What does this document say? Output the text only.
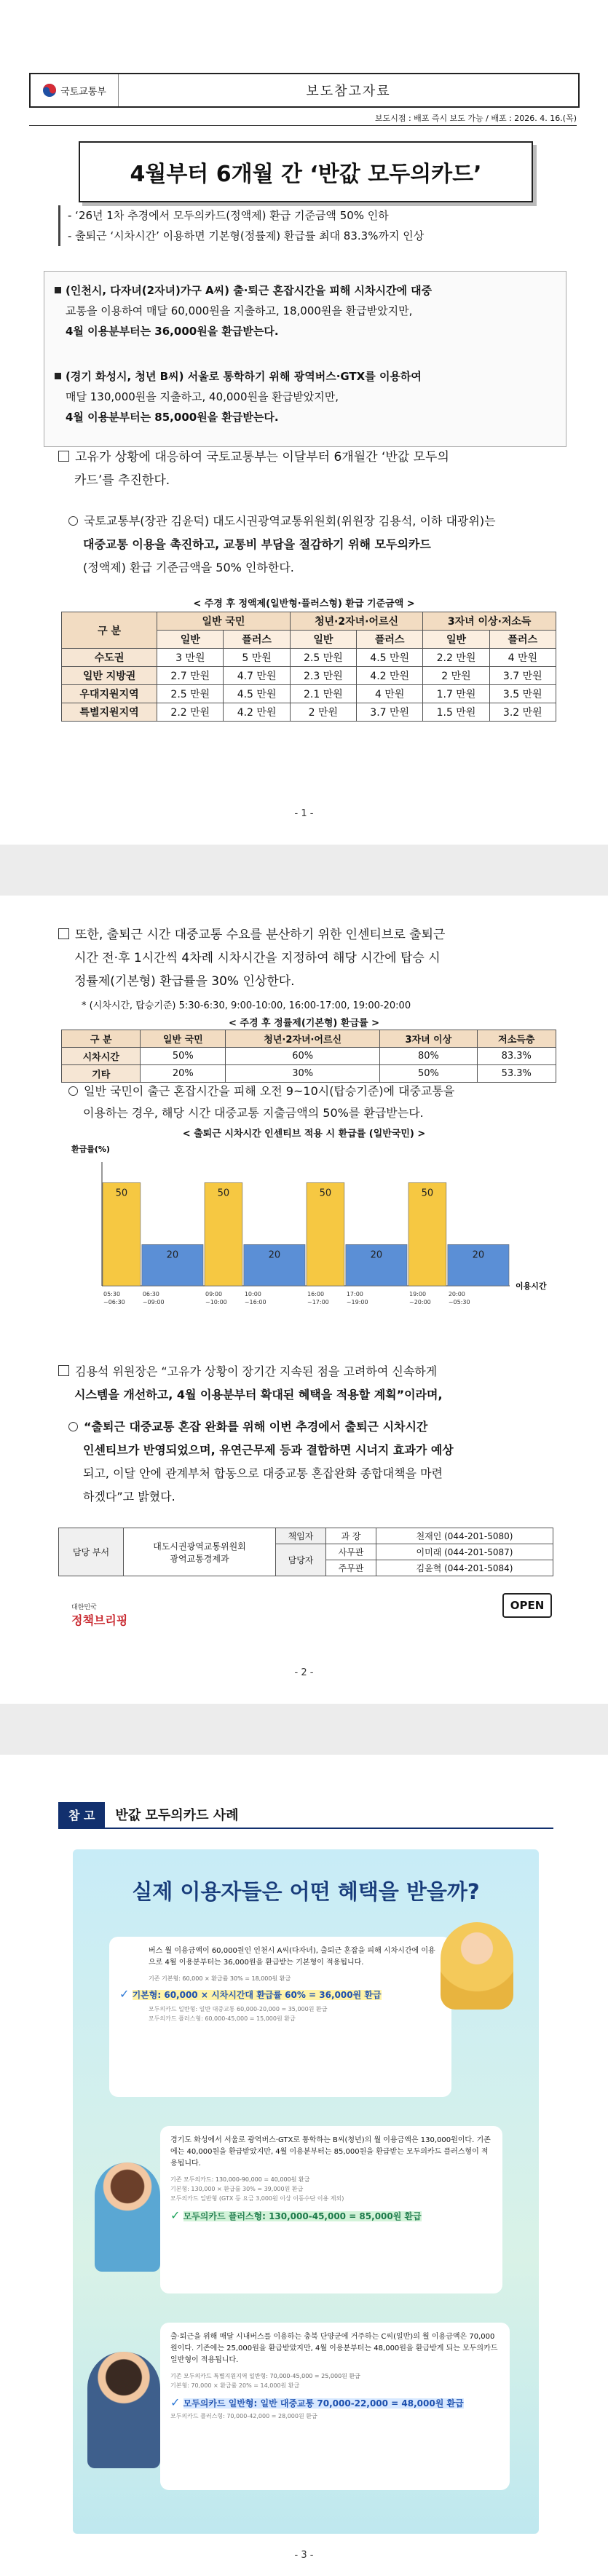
국토교통부	보도참고자료
보도시점 : 배포 즉시 보도 가능 / 배포 : 2026. 4. 16.(목)
4월부터 6개월 간 ‘반값 모두의카드’
- ‘26년 1차 추경에서 모두의카드(정액제) 환급 기준금액 50% 인하
- 출퇴근 ‘시차시간’ 이용하면 기본형(정률제) 환급률 최대 83.3%까지 인상
(인천시, 다자녀(2자녀)가구 A씨) 출·퇴근 혼잡시간을 피해 시차시간에 대중
교통을 이용하여 매달 60,000원을 지출하고, 18,000원을 환급받았지만,
4월 이용분부터는 36,000원을 환급받는다.
(경기 화성시, 청년 B씨) 서울로 통학하기 위해 광역버스·GTX를 이용하여
매달 130,000원을 지출하고, 40,000원을 환급받았지만,
4월 이용분부터는 85,000원을 환급받는다.
고유가 상황에 대응하여 국토교통부는 이달부터 6개월간 ‘반값 모두의
카드’를 추진한다.
국토교통부(장관 김윤덕) 대도시권광역교통위원회(위원장 김용석, 이하 대광위)는
대중교통 이용을 촉진하고, 교통비 부담을 절감하기 위해 모두의카드
(정액제) 환급 기준금액을 50% 인하한다.
< 주경 후 정액제(일반형·플러스형) 환급 기준금액 >
구 분	일반 국민		청년·2자녀·어르신		3자녀 이상·저소득	
	일반	플러스	일반	플러스	일반	플러스
수도권	3 만원	5 만원	2.5 만원	4.5 만원	2.2 만원	4 만원
일반 지방권	2.7 만원	4.7 만원	2.3 만원	4.2 만원	2 만원	3.7 만원
우대지원지역	2.5 만원	4.5 만원	2.1 만원	4 만원	1.7 만원	3.5 만원
특별지원지역	2.2 만원	4.2 만원	2 만원	3.7 만원	1.5 만원	3.2 만원
- 1 -
또한, 출퇴근 시간 대중교통 수요를 분산하기 위한 인센티브로 출퇴근
시간 전·후 1시간씩 4차례 시차시간을 지정하여 해당 시간에 탑승 시
정률제(기본형) 환급률을 30% 인상한다.
* (시차시간, 탑승기준) 5:30-6:30, 9:00-10:00, 16:00-17:00, 19:00-20:00
< 주경 후 정률제(기본형) 환급률 >
구 분	일반 국민	청년·2자녀·어르신	3자녀 이상	저소득층
시차시간	50%	60%	80%	83.3%
기타	20%	30%	50%	53.3%
일반 국민이 출근 혼잡시간을 피해 오전 9~10시(탑승기준)에 대중교통을
이용하는 경우, 해당 시간 대중교통 지출금액의 50%를 환급받는다.
< 출퇴근 시차시간 인센티브 적용 시 환급률 (일반국민) >
환급률(%)
이용시간
50
05:30
~06:30
20
06:30
~09:00
50
09:00
~10:00
20
10:00
~16:00
50
16:00
~17:00
20
17:00
~19:00
50
19:00
~20:00
20
20:00
~05:30
김용석 위원장은 “고유가 상황이 장기간 지속된 점을 고려하여 신속하게
시스템을 개선하고, 4월 이용분부터 확대된 혜택을 적용할 계획”이라며,
“출퇴근 대중교통 혼잡 완화를 위해 이번 추경에서 출퇴근 시차시간
인센티브가 반영되었으며, 유연근무제 등과 결합하면 시너지 효과가 예상
되고, 이달 안에 관계부처 합동으로 대중교통 혼잡완화 종합대책을 마련
하겠다”고 밝혔다.
담당 부서	대도시권광역교통위원회
광역교통경제과	책임자	과 장	천재인 (044-201-5080)
		담당자	사무관	이미래 (044-201-5087)
			주무관	김윤혁 (044-201-5084)
OPEN
대한민국
정책브리핑
- 2 -
참 고	반값 모두의카드 사례
실제 이용자들은 어떤 혜택을 받을까?
버스 월 이용금액이 60,000원인 인천시 A씨(다자녀), 출퇴근 혼잡을 피해 시차시간에 이용으로 4월 이용분부터는 36,000원을 환급받는 기본형이 적용됩니다.
기존 기본형: 60,000 × 환급률 30% = 18,000원 환급
✓ 기본형: 60,000 × 시차시간대 환급률 60% = 36,000원 환급
모두의카드 일반형: 일반 대중교통 60,000-20,000 = 35,000원 환급
모두의카드 플러스형: 60,000-45,000 = 15,000원 환급
경기도 화성에서 서울로 광역버스·GTX로 통학하는 B씨(청년)의 월 이용금액은 130,000원이다. 기존에는 40,000원을 환급받았지만, 4월 이용분부터는 85,000원을 환급받는 모두의카드 플러스형이 적용됩니다.
기존 모두의카드: 130,000-90,000 = 40,000원 환급
기본형: 130,000 × 환급률 30% = 39,000원 환급
모두의카드 일반형 (GTX 등 요금 3,000원 이상 이동수단 이용 제외)
✓ 모두의카드 플러스형: 130,000-45,000 = 85,000원 환급
출·퇴근을 위해 매달 시내버스를 이용하는 충북 단양군에 거주하는 C씨(일반)의 월 이용금액은 70,000원이다. 기존에는 25,000원을 환급받았지만, 4월 이용분부터는 48,000원을 환급받게 되는 모두의카드 일반형이 적용됩니다.
기존 모두의카드 특별지원지역 일반형: 70,000-45,000 = 25,000원 환급
기본형: 70,000 × 환급률 20% = 14,000원 환급
✓ 모두의카드 일반형: 일반 대중교통 70,000-22,000 = 48,000원 환급
모두의카드 플러스형: 70,000-42,000 = 28,000원 환급
- 3 -
